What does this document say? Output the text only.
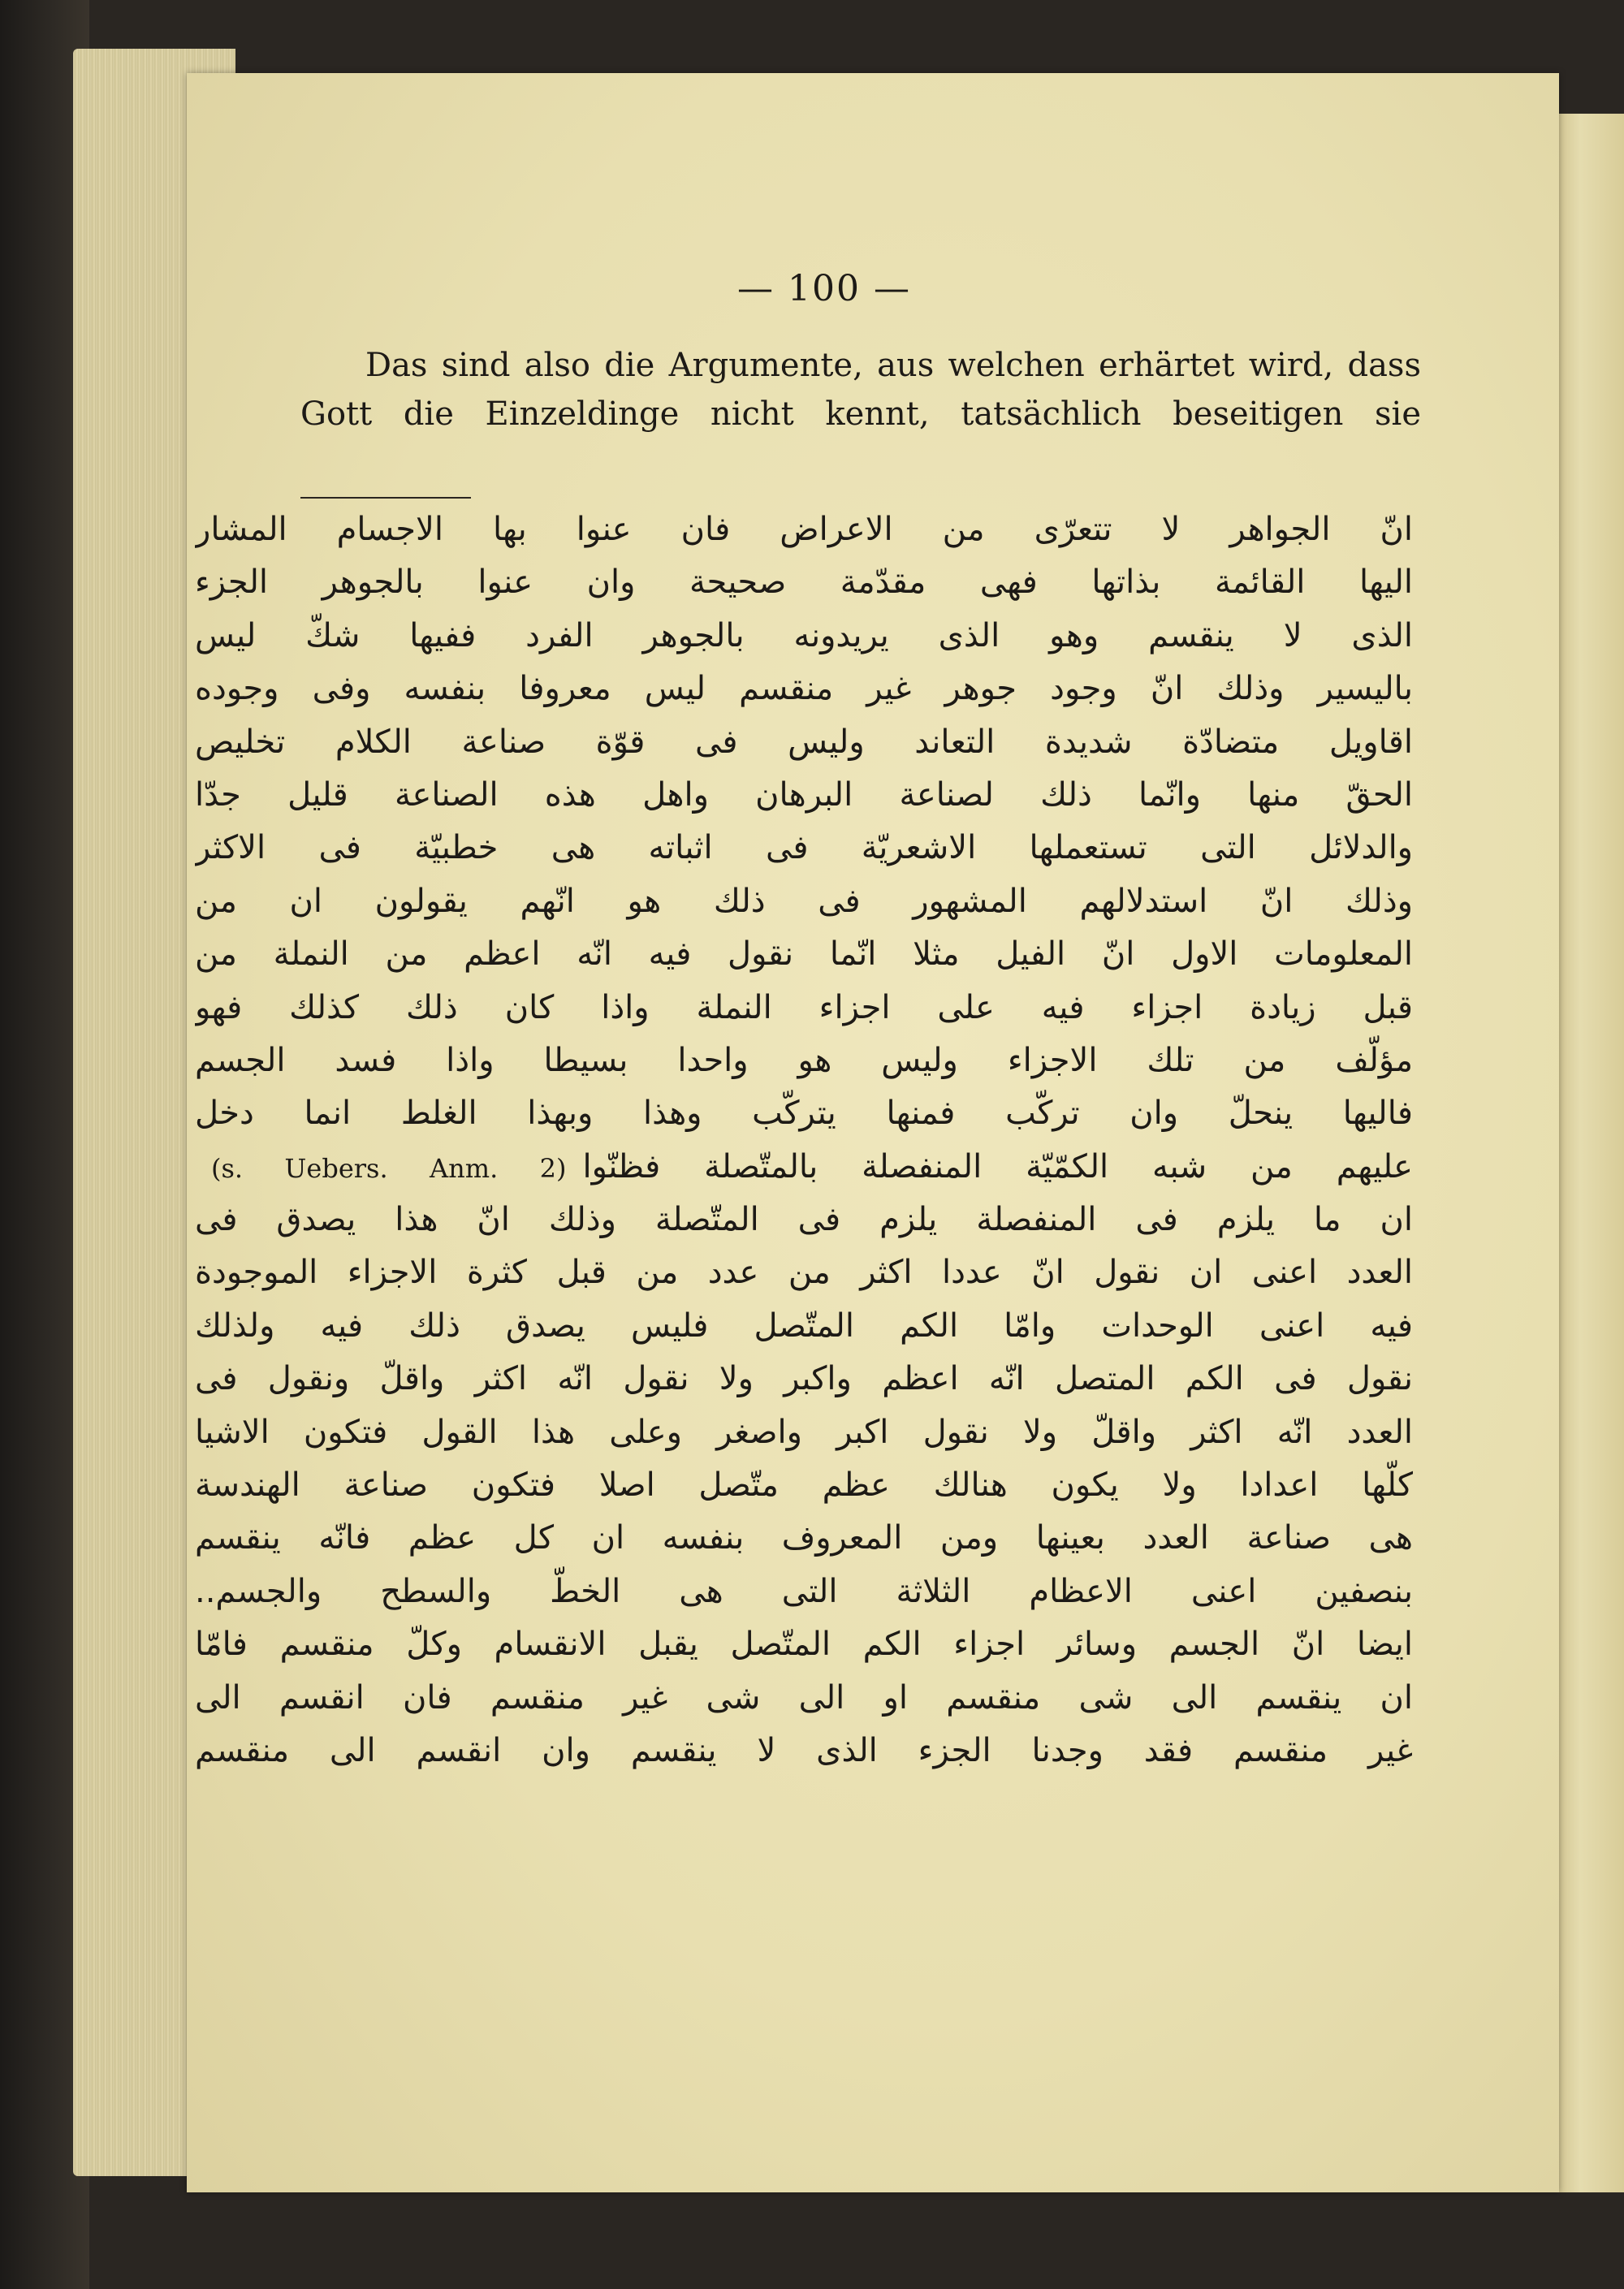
— 100 —

Das sind also die Argumente, aus welchen erhärtet wird, dass Gott die Einzeldinge nicht kennt, tatsächlich beseitigen sie

انّ الجواهر لا تتعرّى من الاعراض فان عنوا بها الاجسام المشار
اليها القائمة بذاتها فهى مقدّمة صحيحة وان عنوا بالجوهر الجزء
الذى لا ينقسم وهو الذى يريدونه بالجوهر الفرد ففيها شكّ ليس
باليسير وذلك انّ وجود جوهر غير منقسم ليس معروفا بنفسه وفى وجوده
اقاويل متضادّة شديدة التعاند وليس فى قوّة صناعة الكلام تخليص
الحقّ منها وانّما ذلك لصناعة البرهان واهل هذه الصناعة قليل جدّا
والدلائل التى تستعملها الاشعريّة فى اثباته هى خطبيّة فى الاكثر
وذلك انّ استدلالهم المشهور فى ذلك هو انّهم يقولون ان من
المعلومات الاول انّ الفيل مثلا انّما نقول فيه انّه اعظم من النملة من
قبل زيادة اجزاء فيه على اجزاء النملة واذا كان ذلك كذلك فهو
مؤلّف من تلك الاجزاء وليس هو واحدا بسيطا واذا فسد الجسم
فاليها ينحلّ وان تركّب فمنها يتركّب وهذا وبهذا الغلط انما دخل
عليهم من شبه الكمّيّة المنفصلة بالمتّصلة فظنّوا(s. Uebers. Anm. 2)
ان ما يلزم فى المنفصلة يلزم فى المتّصلة وذلك انّ هذا يصدق فى
العدد اعنى ان نقول انّ عددا اكثر من عدد من قبل كثرة الاجزاء الموجودة
فيه اعنى الوحدات وامّا الكم المتّصل فليس يصدق ذلك فيه ولذلك
نقول فى الكم المتصل انّه اعظم واكبر ولا نقول انّه اكثر واقلّ ونقول فى
العدد انّه اكثر واقلّ ولا نقول اكبر واصغر وعلى هذا القول فتكون الاشيا
كلّها اعدادا ولا يكون هنالك عظم متّصل اصلا فتكون صناعة الهندسة
هى صناعة العدد بعينها ومن المعروف بنفسه ان كل عظم فانّه ينقسم
بنصفين اعنى الاعظام الثلاثة التى هى الخطّ والسطح والجسم..
ايضا انّ الجسم وسائر اجزاء الكم المتّصل يقبل الانقسام وكلّ منقسم فامّا
ان ينقسم الى شى منقسم او الى شى غير منقسم فان انقسم الى
غير منقسم فقد وجدنا الجزء الذى لا ينقسم وان انقسم الى منقسم
